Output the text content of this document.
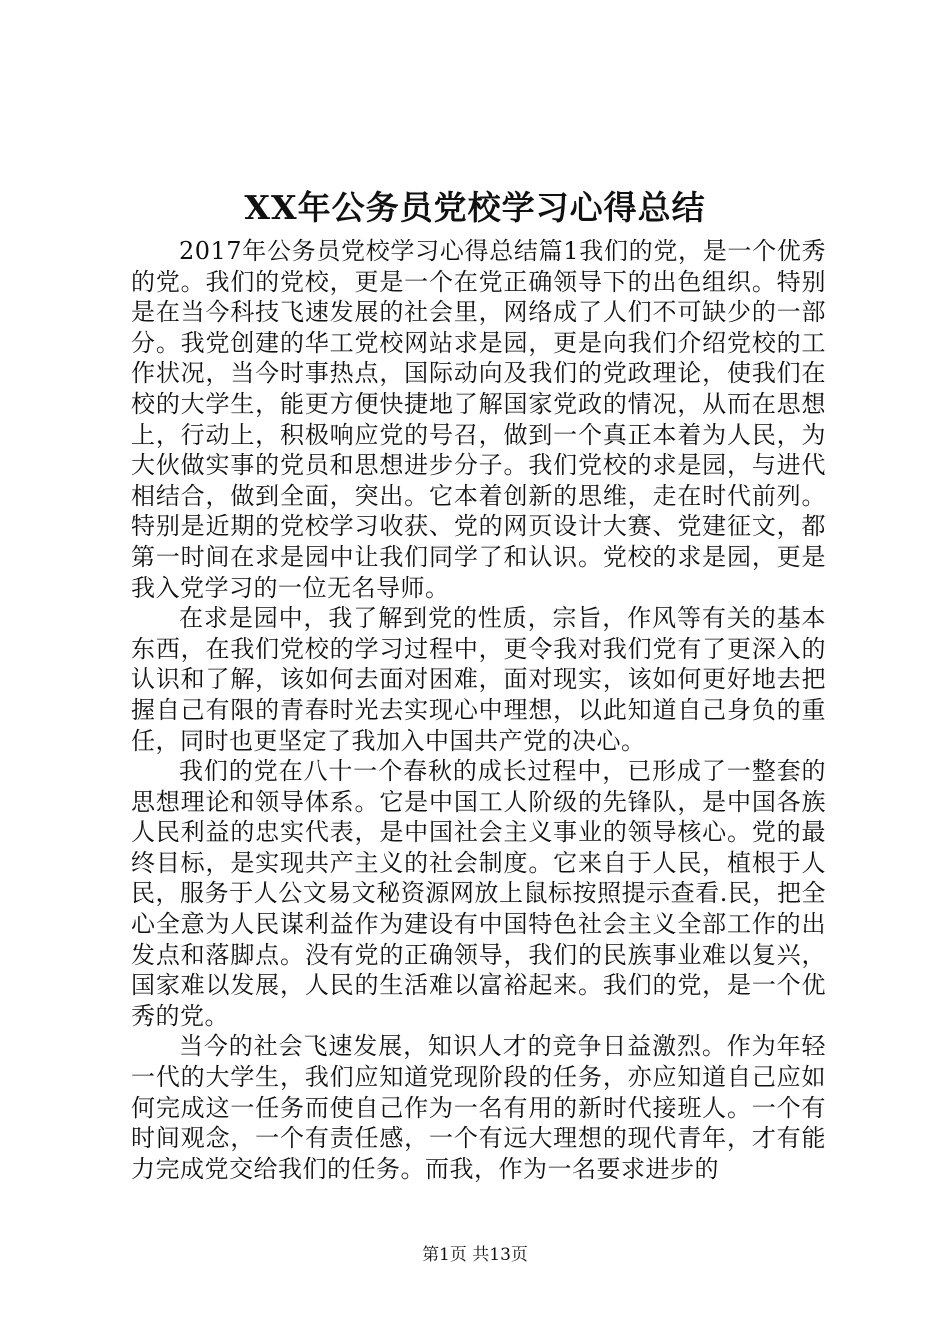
XX年公务员党校学习心得总结

2017年公务员党校学习心得总结篇1我们的党，是一个优秀的党。我们的党校，更是一个在党正确领导下的出色组织。特别是在当今科技飞速发展的社会里，网络成了人们不可缺少的一部分。我党创建的华工党校网站求是园，更是向我们介绍党校的工作状况，当今时事热点，国际动向及我们的党政理论，使我们在校的大学生，能更方便快捷地了解国家党政的情况，从而在思想上，行动上，积极响应党的号召，做到一个真正本着为人民，为大伙做实事的党员和思想进步分子。我们党校的求是园，与进代相结合，做到全面，突出。它本着创新的思维，走在时代前列。特别是近期的党校学习收获、党的网页设计大赛、党建征文，都第一时间在求是园中让我们同学了和认识。党校的求是园，更是我入党学习的一位无名导师。

在求是园中，我了解到党的性质，宗旨，作风等有关的基本东西，在我们党校的学习过程中，更令我对我们党有了更深入的认识和了解，该如何去面对困难，面对现实，该如何更好地去把握自己有限的青春时光去实现心中理想，以此知道自己身负的重任，同时也更坚定了我加入中国共产党的决心。

我们的党在八十一个春秋的成长过程中，已形成了一整套的思想理论和领导体系。它是中国工人阶级的先锋队，是中国各族人民利益的忠实代表，是中国社会主义事业的领导核心。党的最终目标，是实现共产主义的社会制度。它来自于人民，植根于人民，服务于人公文易文秘资源网放上鼠标按照提示查看.民，把全心全意为人民谋利益作为建设有中国特色社会主义全部工作的出发点和落脚点。没有党的正确领导，我们的民族事业难以复兴，国家难以发展，人民的生活难以富裕起来。我们的党，是一个优秀的党。

当今的社会飞速发展，知识人才的竞争日益激烈。作为年轻一代的大学生，我们应知道党现阶段的任务，亦应知道自己应如何完成这一任务而使自己作为一名有用的新时代接班人。一个有时间观念，一个有责任感，一个有远大理想的现代青年，才有能力完成党交给我们的任务。而我，作为一名要求进步的

第1页 共13页
